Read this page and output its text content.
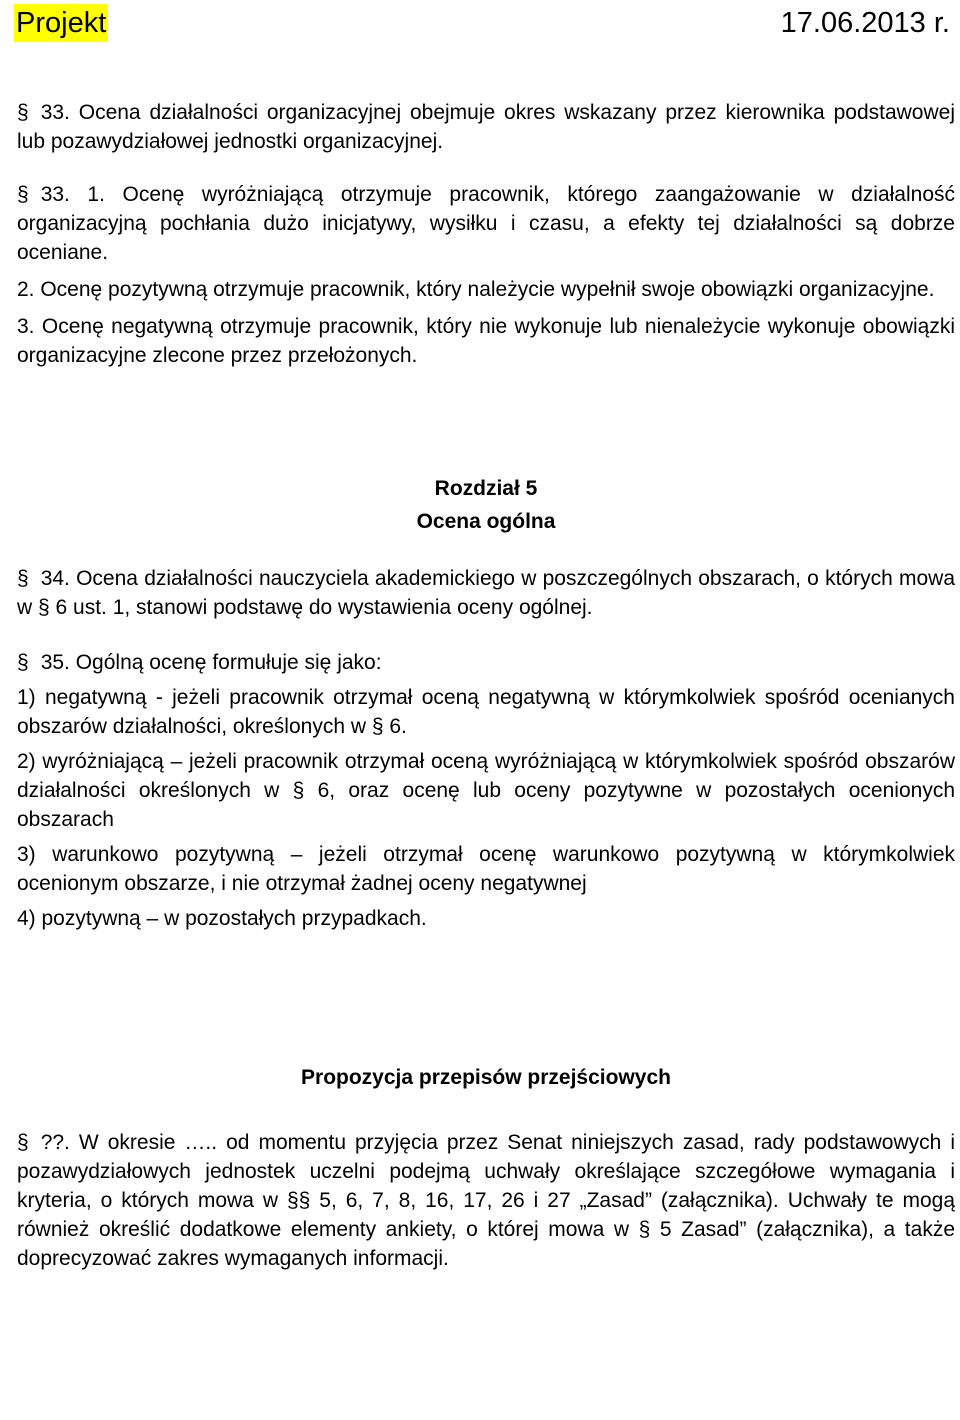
Projekt	17.06.2013 r.

§ 33. Ocena działalności organizacyjnej obejmuje okres wskazany przez kierownika podstawowej lub pozawydziałowej jednostki organizacyjnej.

§ 33. 1. Ocenę wyróżniającą otrzymuje pracownik, którego zaangażowanie w działalność organizacyjną pochłania dużo inicjatywy, wysiłku i czasu, a efekty tej działalności są dobrze oceniane.

2. Ocenę pozytywną otrzymuje pracownik, który należycie wypełnił swoje obowiązki organizacyjne.

3. Ocenę negatywną otrzymuje pracownik, który nie wykonuje lub nienależycie wykonuje obowiązki organizacyjne zlecone przez przełożonych.

Rozdział 5

Ocena ogólna

§ 34. Ocena działalności nauczyciela akademickiego w poszczególnych obszarach, o których mowa w § 6 ust. 1, stanowi podstawę do wystawienia oceny ogólnej.

§ 35. Ogólną ocenę formułuje się jako:

1) negatywną - jeżeli pracownik otrzymał oceną negatywną w którymkolwiek spośród ocenianych obszarów działalności, określonych w § 6.

2) wyróżniającą – jeżeli pracownik otrzymał oceną wyróżniającą w którymkolwiek spośród obszarów działalności określonych w § 6, oraz ocenę lub oceny pozytywne w pozostałych ocenionych obszarach

3) warunkowo pozytywną – jeżeli otrzymał ocenę warunkowo pozytywną w którymkolwiek ocenionym obszarze, i nie otrzymał żadnej oceny negatywnej

4) pozytywną – w pozostałych przypadkach.

Propozycja przepisów przejściowych

§ ??. W okresie ….. od momentu przyjęcia przez Senat niniejszych zasad, rady podstawowych i pozawydziałowych jednostek uczelni podejmą uchwały określające szczegółowe wymagania i kryteria, o których mowa w §§ 5, 6, 7, 8, 16, 17, 26 i 27 „Zasad” (załącznika). Uchwały te mogą również określić dodatkowe elementy ankiety, o której mowa w § 5 Zasad” (załącznika), a także doprecyzować zakres wymaganych informacji.
